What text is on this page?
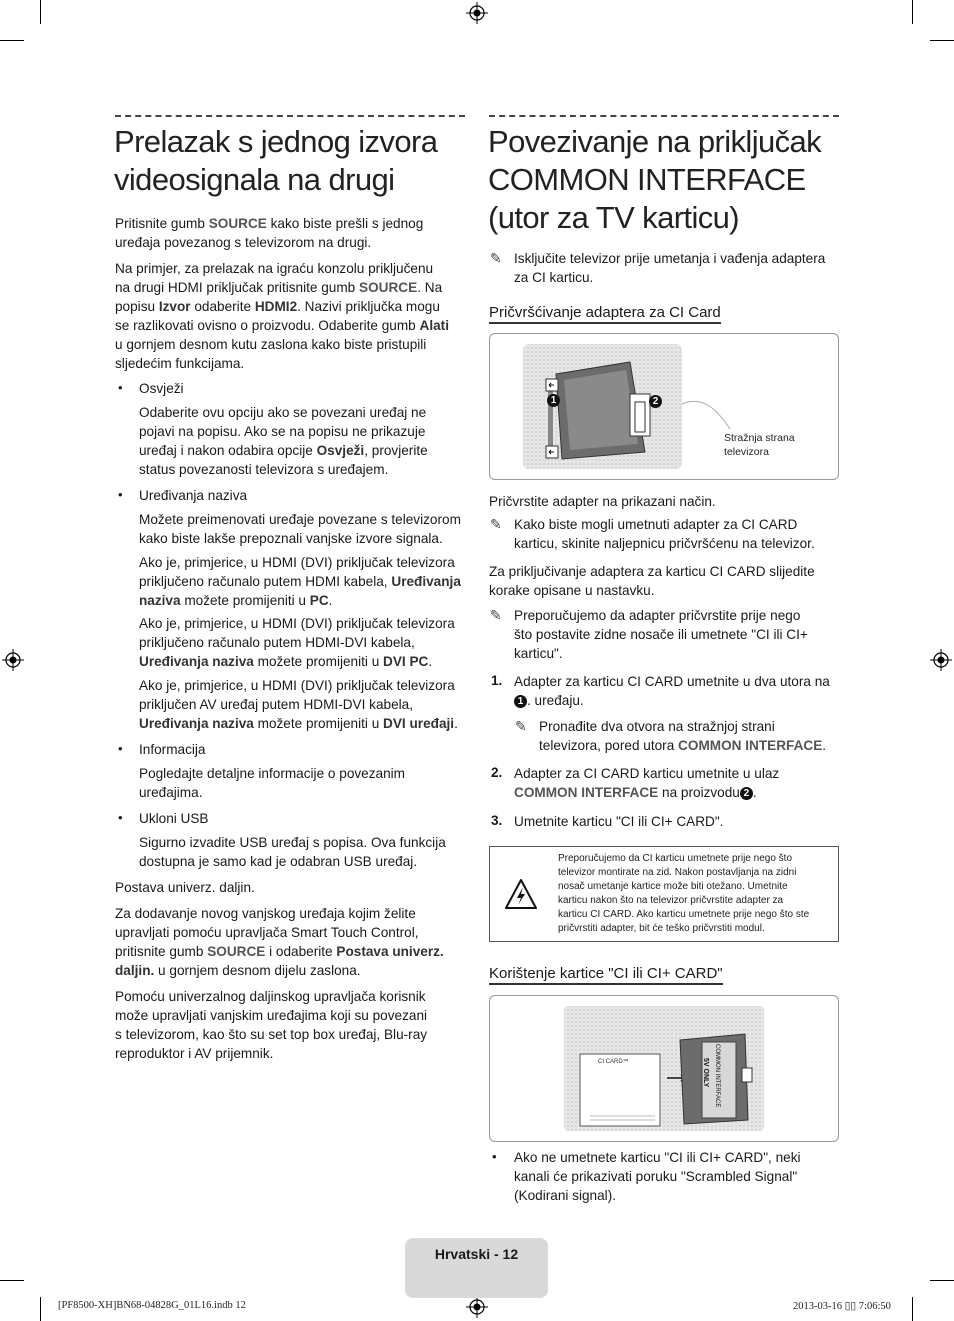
Prelazak s jednog izvora
videosignala na drugi
Pritisnite gumb SOURCE kako biste prešli s jednog
uređaja povezanog s televizorom na drugi.
Na primjer, za prelazak na igraću konzolu priključenu
na drugi HDMI priključak pritisnite gumb SOURCE. Na
popisu Izvor odaberite HDMI2. Nazivi priključka mogu
se razlikovati ovisno o proizvodu. Odaberite gumb Alati
u gornjem desnom kutu zaslona kako biste pristupili
sljedećim funkcijama.
• Osvježi
Odaberite ovu opciju ako se povezani uređaj ne
pojavi na popisu. Ako se na popisu ne prikazuje
uređaj i nakon odabira opcije Osvježi, provjerite
status povezanosti televizora s uređajem.
• Uređivanja naziva
Možete preimenovati uređaje povezane s televizorom
kako biste lakše prepoznali vanjske izvore signala.
Ako je, primjerice, u HDMI (DVI) priključak televizora
priključeno računalo putem HDMI kabela, Uređivanja
naziva možete promijeniti u PC.
Ako je, primjerice, u HDMI (DVI) priključak televizora
priključeno računalo putem HDMI-DVI kabela,
Uređivanja naziva možete promijeniti u DVI PC.
Ako je, primjerice, u HDMI (DVI) priključak televizora
priključen AV uređaj putem HDMI-DVI kabela,
Uređivanja naziva možete promijeniti u DVI uređaji.
• Informacija
Pogledajte detaljne informacije o povezanim
uređajima.
• Ukloni USB
Sigurno izvadite USB uređaj s popisa. Ova funkcija
dostupna je samo kad je odabran USB uređaj.
Postava univerz. daljin.
Za dodavanje novog vanjskog uređaja kojim želite
upravljati pomoću upravljača Smart Touch Control,
pritisnite gumb SOURCE i odaberite Postava univerz.
daljin. u gornjem desnom dijelu zaslona.
Pomoću univerzalnog daljinskog upravljača korisnik
može upravljati vanjskim uređajima koji su povezani
s televizorom, kao što su set top box uređaj, Blu-ray
reproduktor i AV prijemnik.
Povezivanje na priključak
COMMON INTERFACE
(utor za TV karticu)
✎ Isključite televizor prije umetanja i vađenja adaptera
za CI karticu.
Pričvršćivanje adaptera za CI Card
1	2
Stražnja strana
televizora
Pričvrstite adapter na prikazani način.
✎ Kako biste mogli umetnuti adapter za CI CARD
karticu, skinite naljepnicu pričvršćenu na televizor.
Za priključivanje adaptera za karticu CI CARD slijedite
korake opisane u nastavku.
✎ Preporučujemo da adapter pričvrstite prije nego
što postavite zidne nosače ili umetnete "CI ili CI+
karticu".
1. Adapter za karticu CI CARD umetnite u dva utora na
1 . uređaju.
✎ Pronađite dva otvora na stražnjoj strani
televizora, pored utora COMMON INTERFACE.
2. Adapter za CI CARD karticu umetnite u ulaz
COMMON INTERFACE na proizvodu 2 .
3. Umetnite karticu "CI ili CI+ CARD".
Preporučujemo da CI karticu umetnete prije nego što
televizor montirate na zid. Nakon postavljanja na zidni
nosač umetanje kartice može biti otežano. Umetnite
karticu nakon što na televizor pričvrstite adapter za
karticu CI CARD. Ako karticu umetnete prije nego što ste
pričvrstiti adapter, bit će teško pričvrstiti modul.
Korištenje kartice "CI ili CI+ CARD"
CI CARD™	COMMON INTERFACE
5V ONLY
• Ako ne umetnete karticu "CI ili CI+ CARD", neki
kanali će prikazivati poruku "Scrambled Signal"
(Kodirani signal).
Hrvatski - 12
[PF8500-XH]BN68-04828G_01L16.indb 12	2013-03-16 ▯▯ 7:06:50
